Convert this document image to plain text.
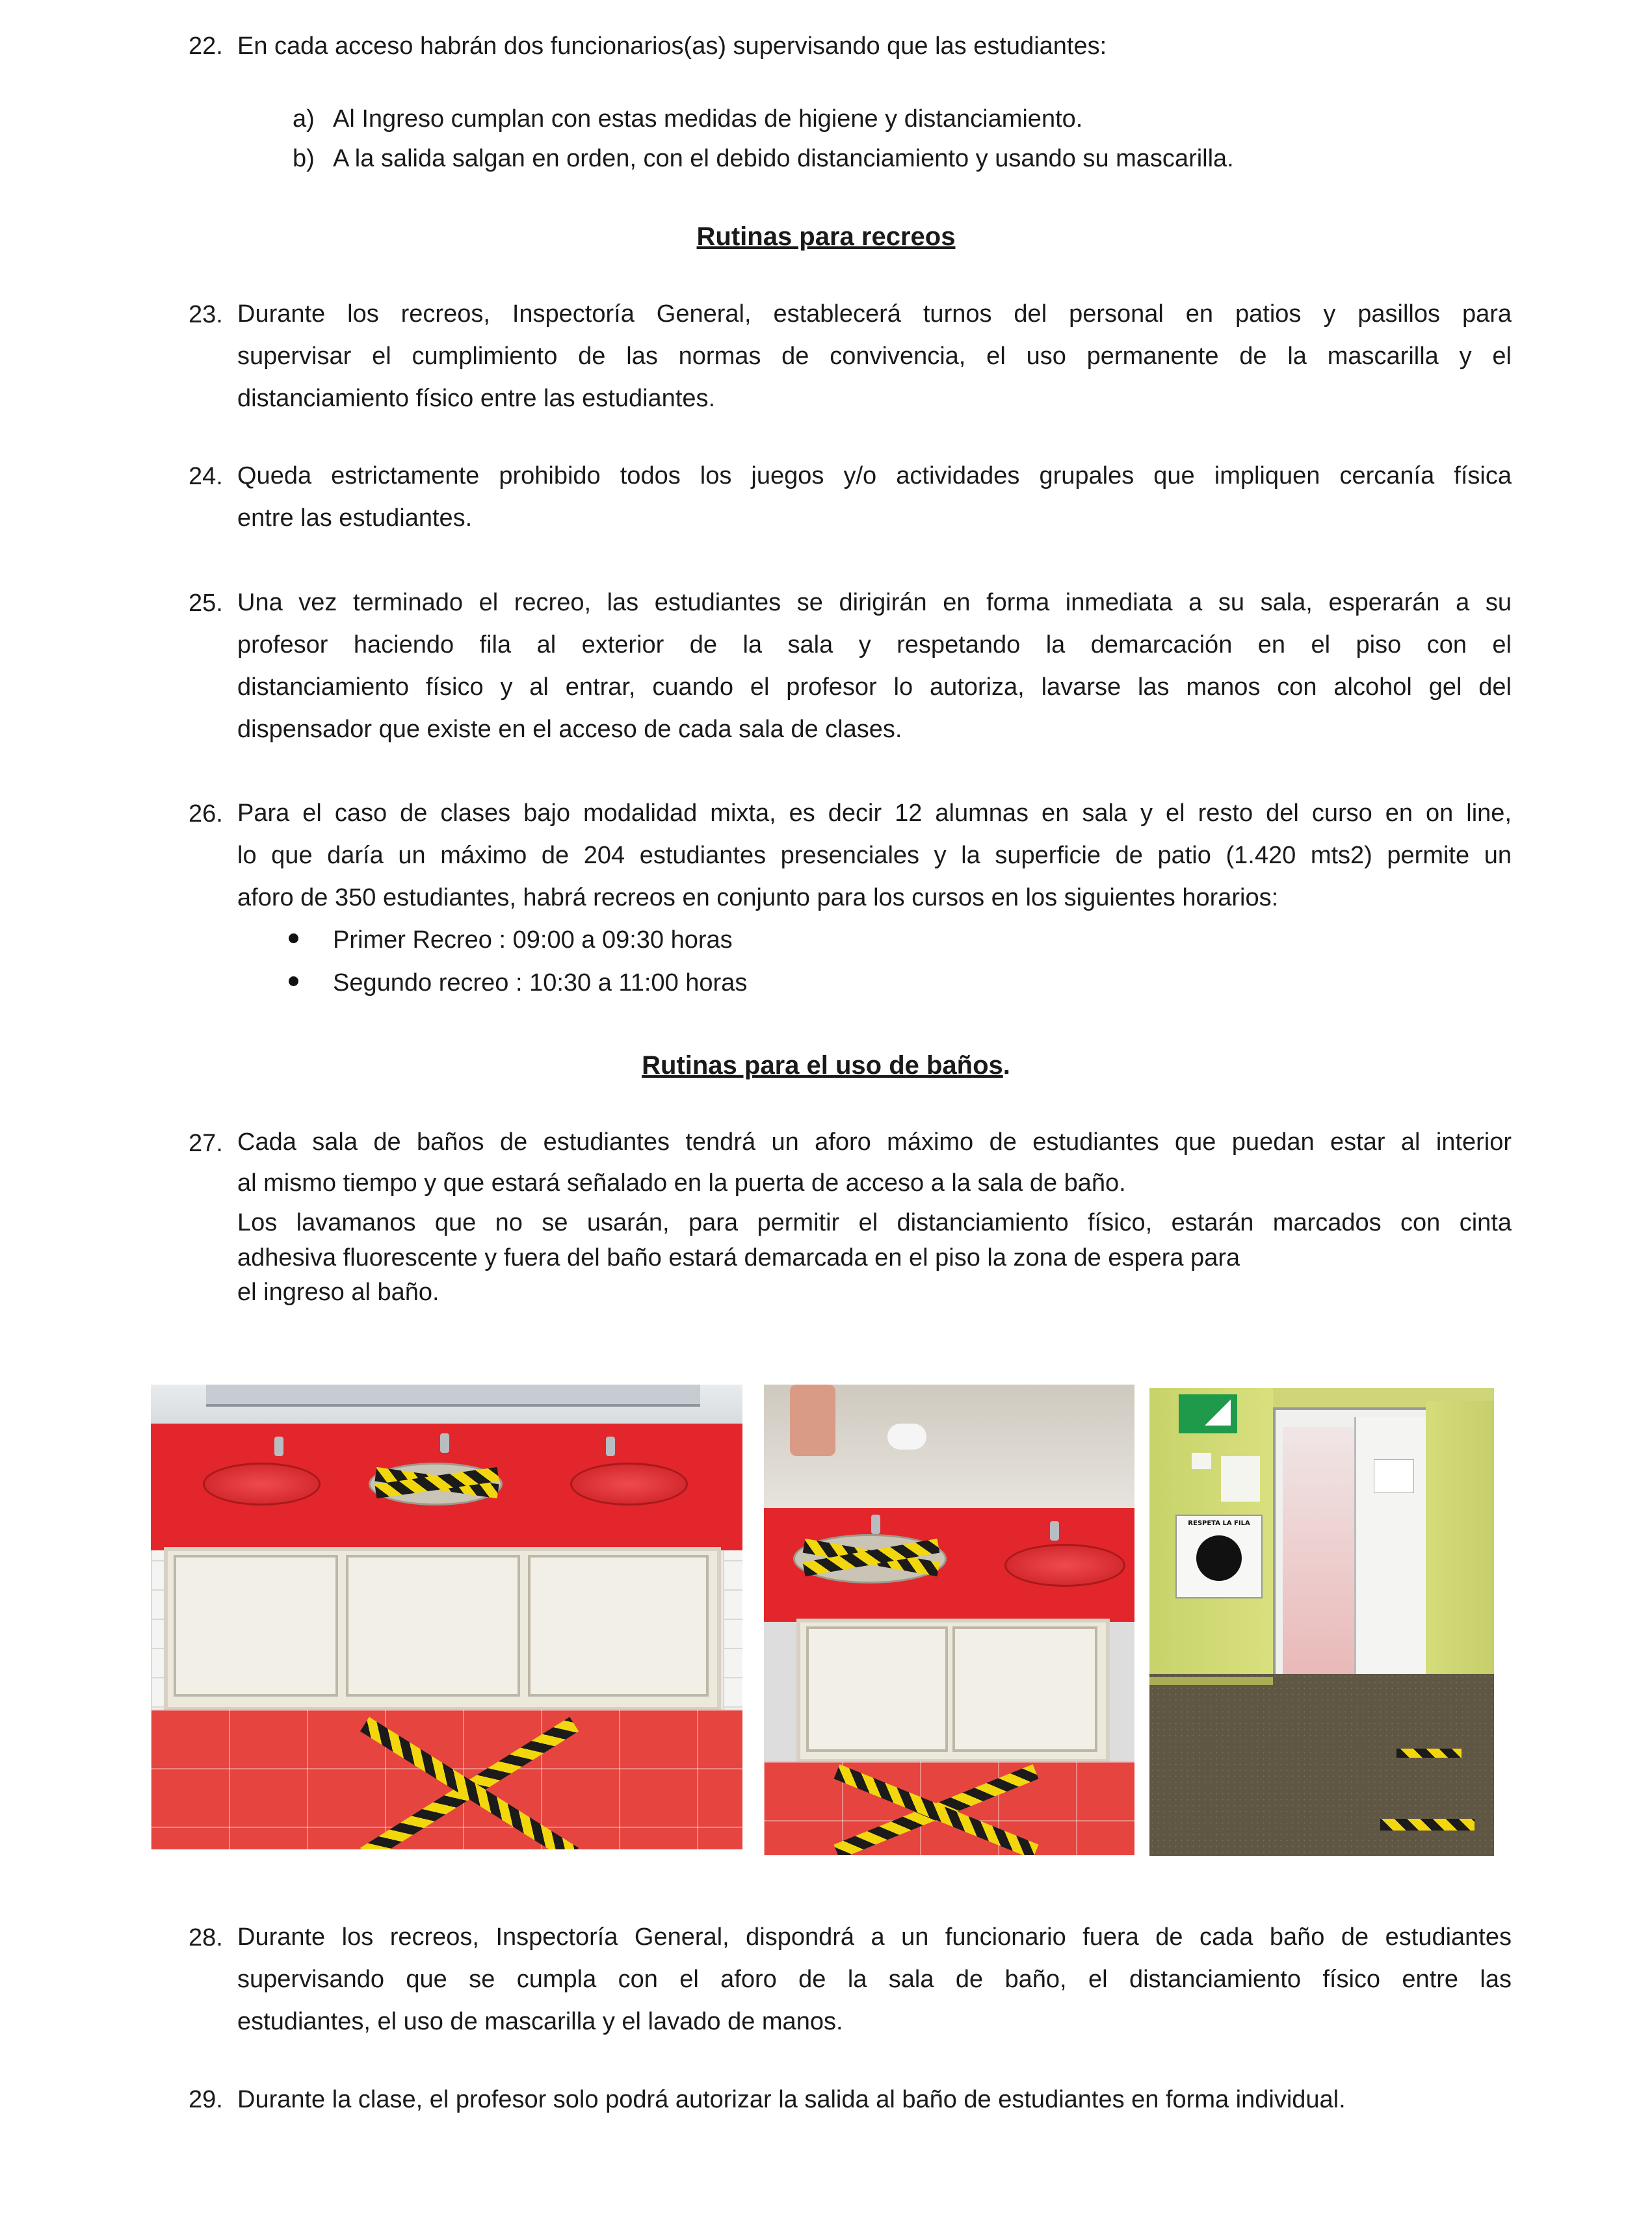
22. En cada acceso habrán dos funcionarios(as) supervisando que las estudiantes:
a) Al Ingreso cumplan con estas medidas de higiene y distanciamiento.
b) A la salida salgan en orden, con el debido distanciamiento y usando su mascarilla.
Rutinas para recreos
23. Durante los recreos, Inspectoría General, establecerá turnos del personal en patios y pasillos para
supervisar el cumplimiento de las normas de convivencia, el uso permanente de la mascarilla y el
distanciamiento físico entre las estudiantes.
24. Queda estrictamente prohibido todos los juegos y/o actividades grupales que impliquen cercanía física
entre las estudiantes.
25. Una vez terminado el recreo, las estudiantes se dirigirán en forma inmediata a su sala, esperarán a su
profesor haciendo fila al exterior de la sala y respetando la demarcación en el piso con el
distanciamiento físico y al entrar, cuando el profesor lo autoriza, lavarse las manos con alcohol gel del
dispensador que existe en el acceso de cada sala de clases.
26. Para el caso de clases bajo modalidad mixta, es decir 12 alumnas en sala y el resto del curso en on line,
lo que daría un máximo de 204 estudiantes presenciales y la superficie de patio (1.420 mts2) permite un
aforo de 350 estudiantes, habrá recreos en conjunto para los cursos en los siguientes horarios:
Primer Recreo : 09:00 a 09:30 horas
Segundo recreo : 10:30 a 11:00 horas
Rutinas para el uso de baños.
27. Cada sala de baños de estudiantes tendrá un aforo máximo de estudiantes que puedan estar al interior
al mismo tiempo y que estará señalado en la puerta de acceso a la sala de baño.
Los lavamanos que no se usarán, para permitir el distanciamiento físico, estarán marcados con cinta
adhesiva fluorescente y fuera del baño estará demarcada en el piso la zona de espera para
el ingreso al baño.
RESPETA LA FILA
28. Durante los recreos, Inspectoría General, dispondrá a un funcionario fuera de cada baño de estudiantes
supervisando que se cumpla con el aforo de la sala de baño, el distanciamiento físico entre las
estudiantes, el uso de mascarilla y el lavado de manos.
29. Durante la clase, el profesor solo podrá autorizar la salida al baño de estudiantes en forma individual.
